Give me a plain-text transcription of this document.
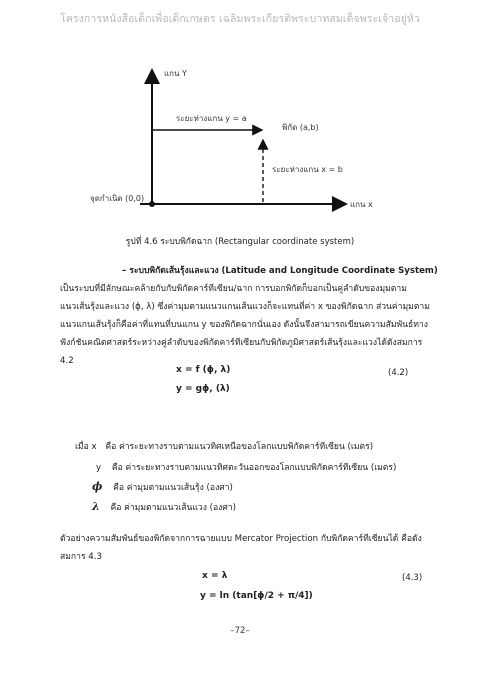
โครงการหนังสือเด็กเพื่อเด็กเกษตร เฉลิมพระเกียรติพระบาทสมเด็จพระเจ้าอยู่หัว
แกน Y
แกน x
จุดกำเนิด (0,0)
พิกัด (a,b)
ระยะห่างแกน y = a
ระยะห่างแกน x = b
รูปที่ 4.6 ระบบพิกัดฉาก (Rectangular coordinate system)
– ระบบพิกัดเส้นรุ้งและแวง (Latitude and Longitude Coordinate System)
เป็นระบบที่มีลักษณะคล้ายกับกับพิกัดคาร์ทีเซียน/ฉาก การบอกพิกัดก็บอกเป็นคู่ลำดับของมุมตาม
แนวเส้นรุ้งและแวง (ϕ, λ) ซึ่งค่ามุมตามแนวแกนเส้นแวงก็จะแทนที่ค่า x ของพิกัดฉาก ส่วนค่ามุมตาม
แนวแกนเส้นรุ้งก็คือค่าที่แทนที่บนแกน y ของพิกัดฉากนั่นเอง ดังนั้นจึงสามารถเขียนความสัมพันธ์ทาง
ฟังก์ชันคณิตศาสตร์ระหว่างคู่ลำดับของพิกัดคาร์ทีเซียนกับพิกัดภูมิศาสตร์เส้นรุ้งและแวงได้ดังสมการ
4.2
x = f (ϕ, λ)
y = gϕ, (λ)
(4.2)
เมื่อ x คือ ค่าระยะทางราบตามแนวทิศเหนือของโลกแบบพิกัดคาร์ทีเซียน (เมตร)
y คือ ค่าระยะทางราบตามแนวทิศตะวันออกของโลกแบบพิกัดคาร์ทีเซียน (เมตร)
ϕ คือ ค่ามุมตามแนวเส้นรุ้ง (องศา)
λ คือ ค่ามุมตามแนวเส้นแวง (องศา)
ตัวอย่างความสัมพันธ์ของพิกัดจากการฉายแบบ Mercator Projection กับพิกัดคาร์ทีเซียนได้ คือดัง
สมการ 4.3
x = λ
y = ln (tan[ϕ/2 + π/4])
(4.3)
–72–
